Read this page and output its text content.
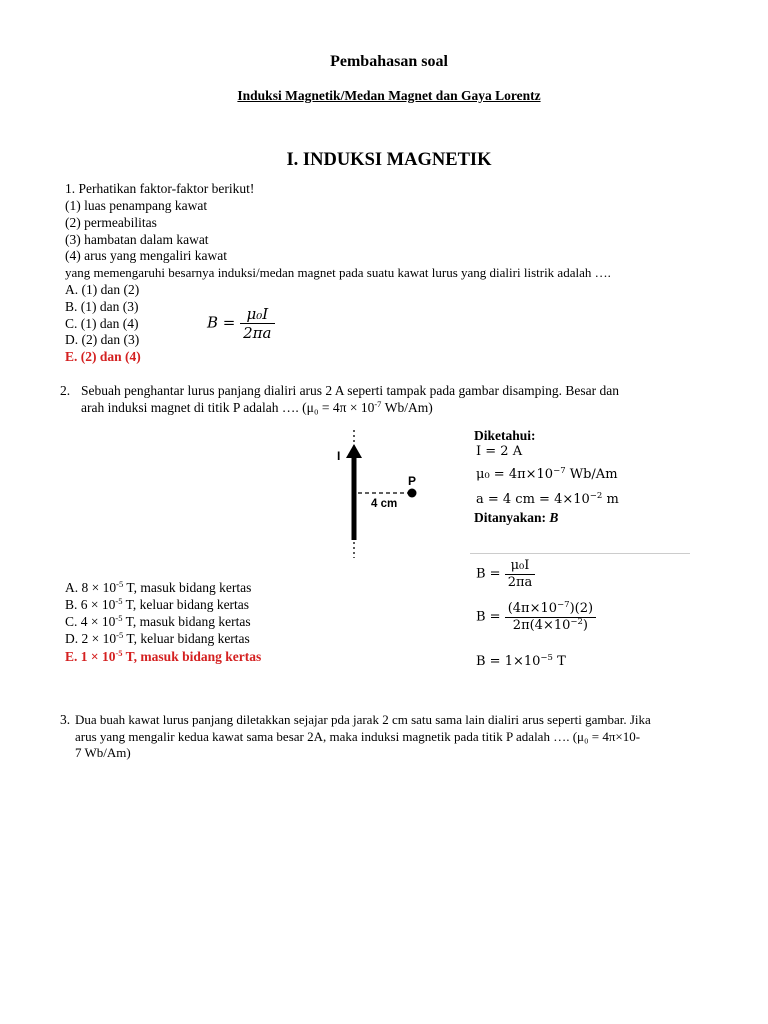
Pembahasan soal
Induksi Magnetik/Medan Magnet dan Gaya Lorentz
I. INDUKSI MAGNETIK
1. Perhatikan faktor-faktor berikut!
(1) luas penampang kawat
(2) permeabilitas
(3) hambatan dalam kawat
(4) arus yang mengaliri kawat
yang memengaruhi besarnya induksi/medan magnet pada suatu kawat lurus yang dialiri listrik adalah ….
A. (1) dan (2)
B. (1) dan (3)
C. (1) dan (4)
D. (2) dan (3)
E. (2) dan (4)
$B = \frac{\text{μ₀I}}{2\pi a}$
2. Sebuah penghantar lurus panjang dialiri arus 2 A seperti tampak pada gambar disamping. Besar dan
arah induksi magnet di titik P adalah …. ($\mu_0 = 4\pi \times 10^{-7}$ Wb/Am)
I
P
4 cm
Diketahui:
I = 2 A
$\mu_0 = 4\pi\times 10^{-7}$ Wb/Am
a = 4 cm = $4\times 10^{-2}$ m
Ditanyakan: B
$B = \frac{\text{μ₀I}}{2\pi a}$
$B = \frac{(4\pi\times 10^{-7})(2)}{2\pi(4\times 10^{-2})}$
$B = 1\times 10^{-5}$ T
A. $8 \times 10^{-5}$ T, masuk bidang kertas
B. $6 \times 10^{-5}$ T, keluar bidang kertas
C. $4 \times 10^{-5}$ T, masuk bidang kertas
D. $2 \times 10^{-5}$ T, keluar bidang kertas
E. $1 \times 10^{-5}$ T, masuk bidang kertas
3. Dua buah kawat lurus panjang diletakkan sejajar pda jarak 2 cm satu sama lain dialiri arus seperti gambar. Jika
arus yang mengalir kedua kawat sama besar 2A, maka induksi magnetik pada titik P adalah …. (μ₀ = 4π×10-
7 Wb/Am)
